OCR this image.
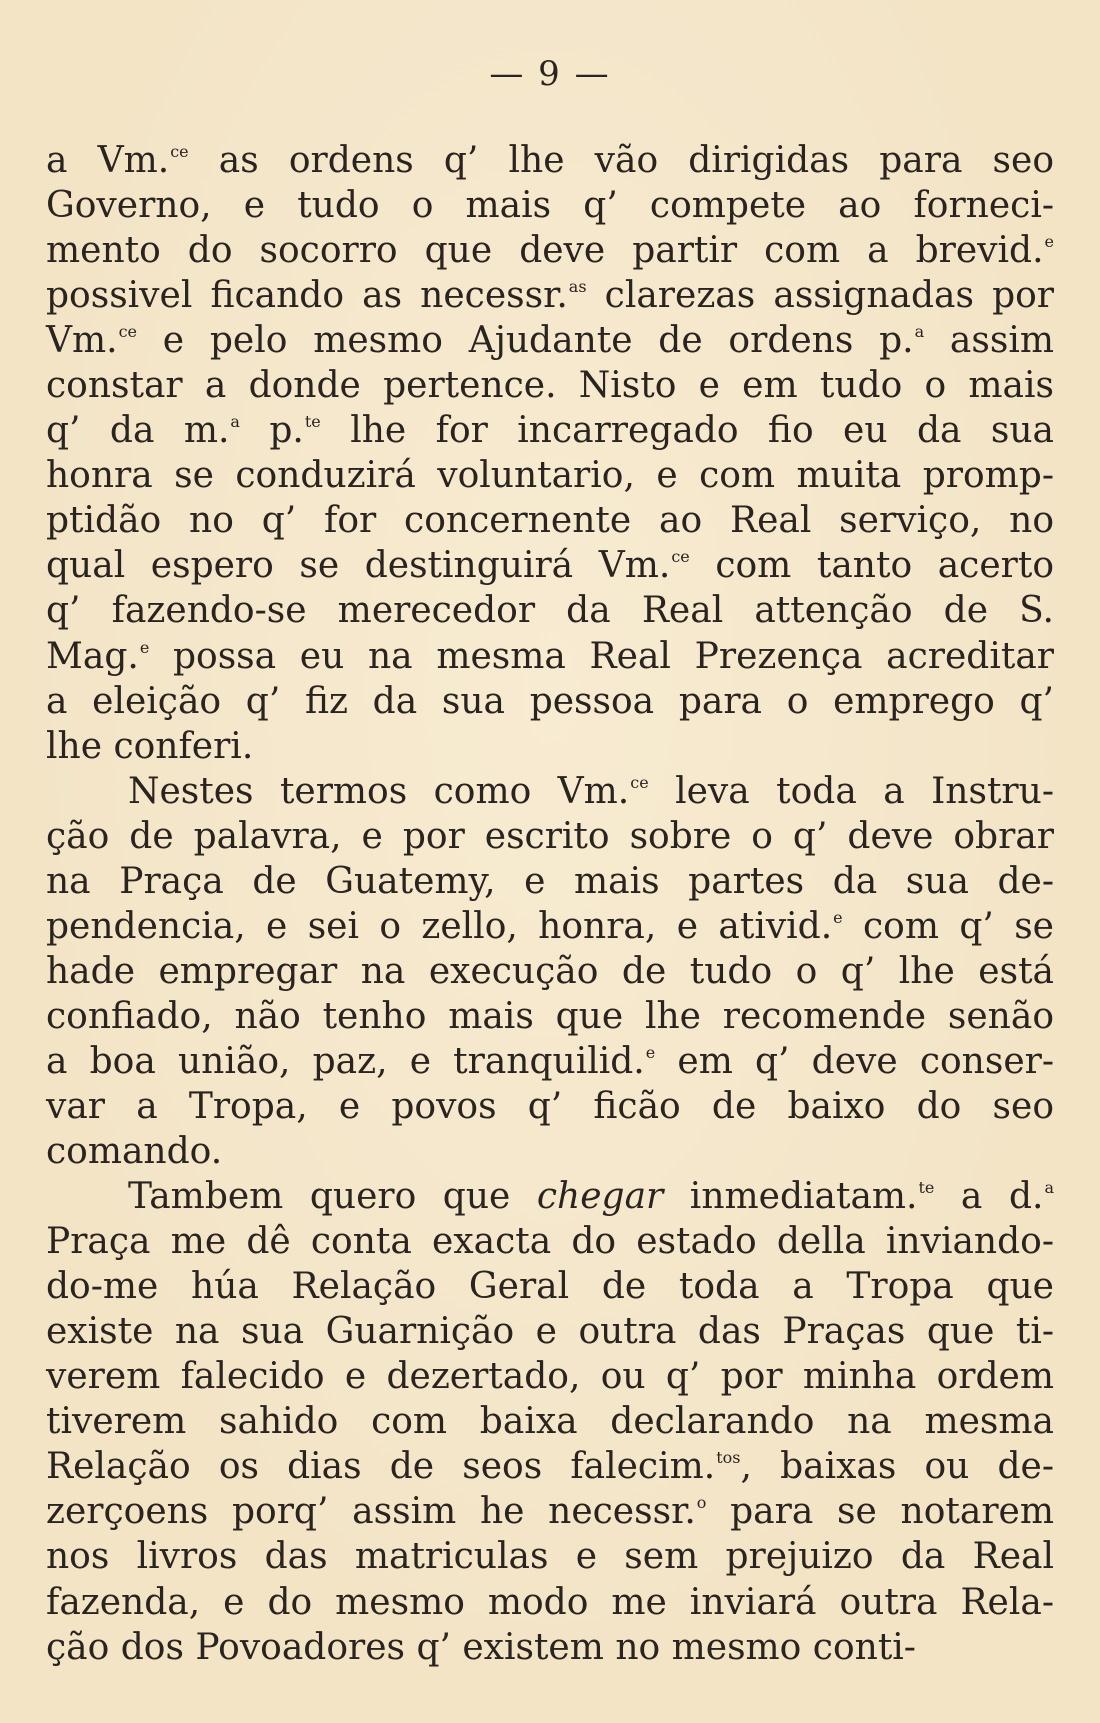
— 9 —
a Vm.$^{ce}$ as ordens q’ lhe vão dirigidas para seo
Governo, e tudo o mais q’ compete ao forneci-
mento do socorro que deve partir com a brevid.$^e$
possivel ficando as necessr.$^{as}$ clarezas assignadas por
Vm.$^{ce}$ e pelo mesmo Ajudante de ordens p.$^a$ assim
constar a donde pertence. Nisto e em tudo o mais
q’ da m.$^a$ p.$^{te}$ lhe for incarregado fio eu da sua
honra se conduzirá voluntario, e com muita promp-
ptidão no q’ for concernente ao Real serviço, no
qual espero se destinguirá Vm.$^{ce}$ com tanto acerto
q’ fazendo-se merecedor da Real attenção de S.
Mag.$^e$ possa eu na mesma Real Prezença acreditar
a eleição q’ fiz da sua pessoa para o emprego q’
lhe conferi.
Nestes termos como Vm.$^{ce}$ leva toda a Instru-
ção de palavra, e por escrito sobre o q’ deve obrar
na Praça de Guatemy, e mais partes da sua de-
pendencia, e sei o zello, honra, e ativid.$^e$ com q’ se
hade empregar na execução de tudo o q’ lhe está
confiado, não tenho mais que lhe recomende senão
a boa união, paz, e tranquilid.$^e$ em q’ deve conser-
var a Tropa, e povos q’ ficão de baixo do seo
comando.
Tambem quero que chegar inmediatam.$^{te}$ a d.$^a$
Praça me dê conta exacta do estado della inviando-
do-me húa Relação Geral de toda a Tropa que
existe na sua Guarnição e outra das Praças que ti-
verem falecido e dezertado, ou q’ por minha ordem
tiverem sahido com baixa declarando na mesma
Relação os dias de seos falecim.$^{tos}$, baixas ou de-
zerçoens porq’ assim he necessr.$^o$ para se notarem
nos livros das matriculas e sem prejuizo da Real
fazenda, e do mesmo modo me inviará outra Rela-
ção dos Povoadores q’ existem no mesmo conti-
